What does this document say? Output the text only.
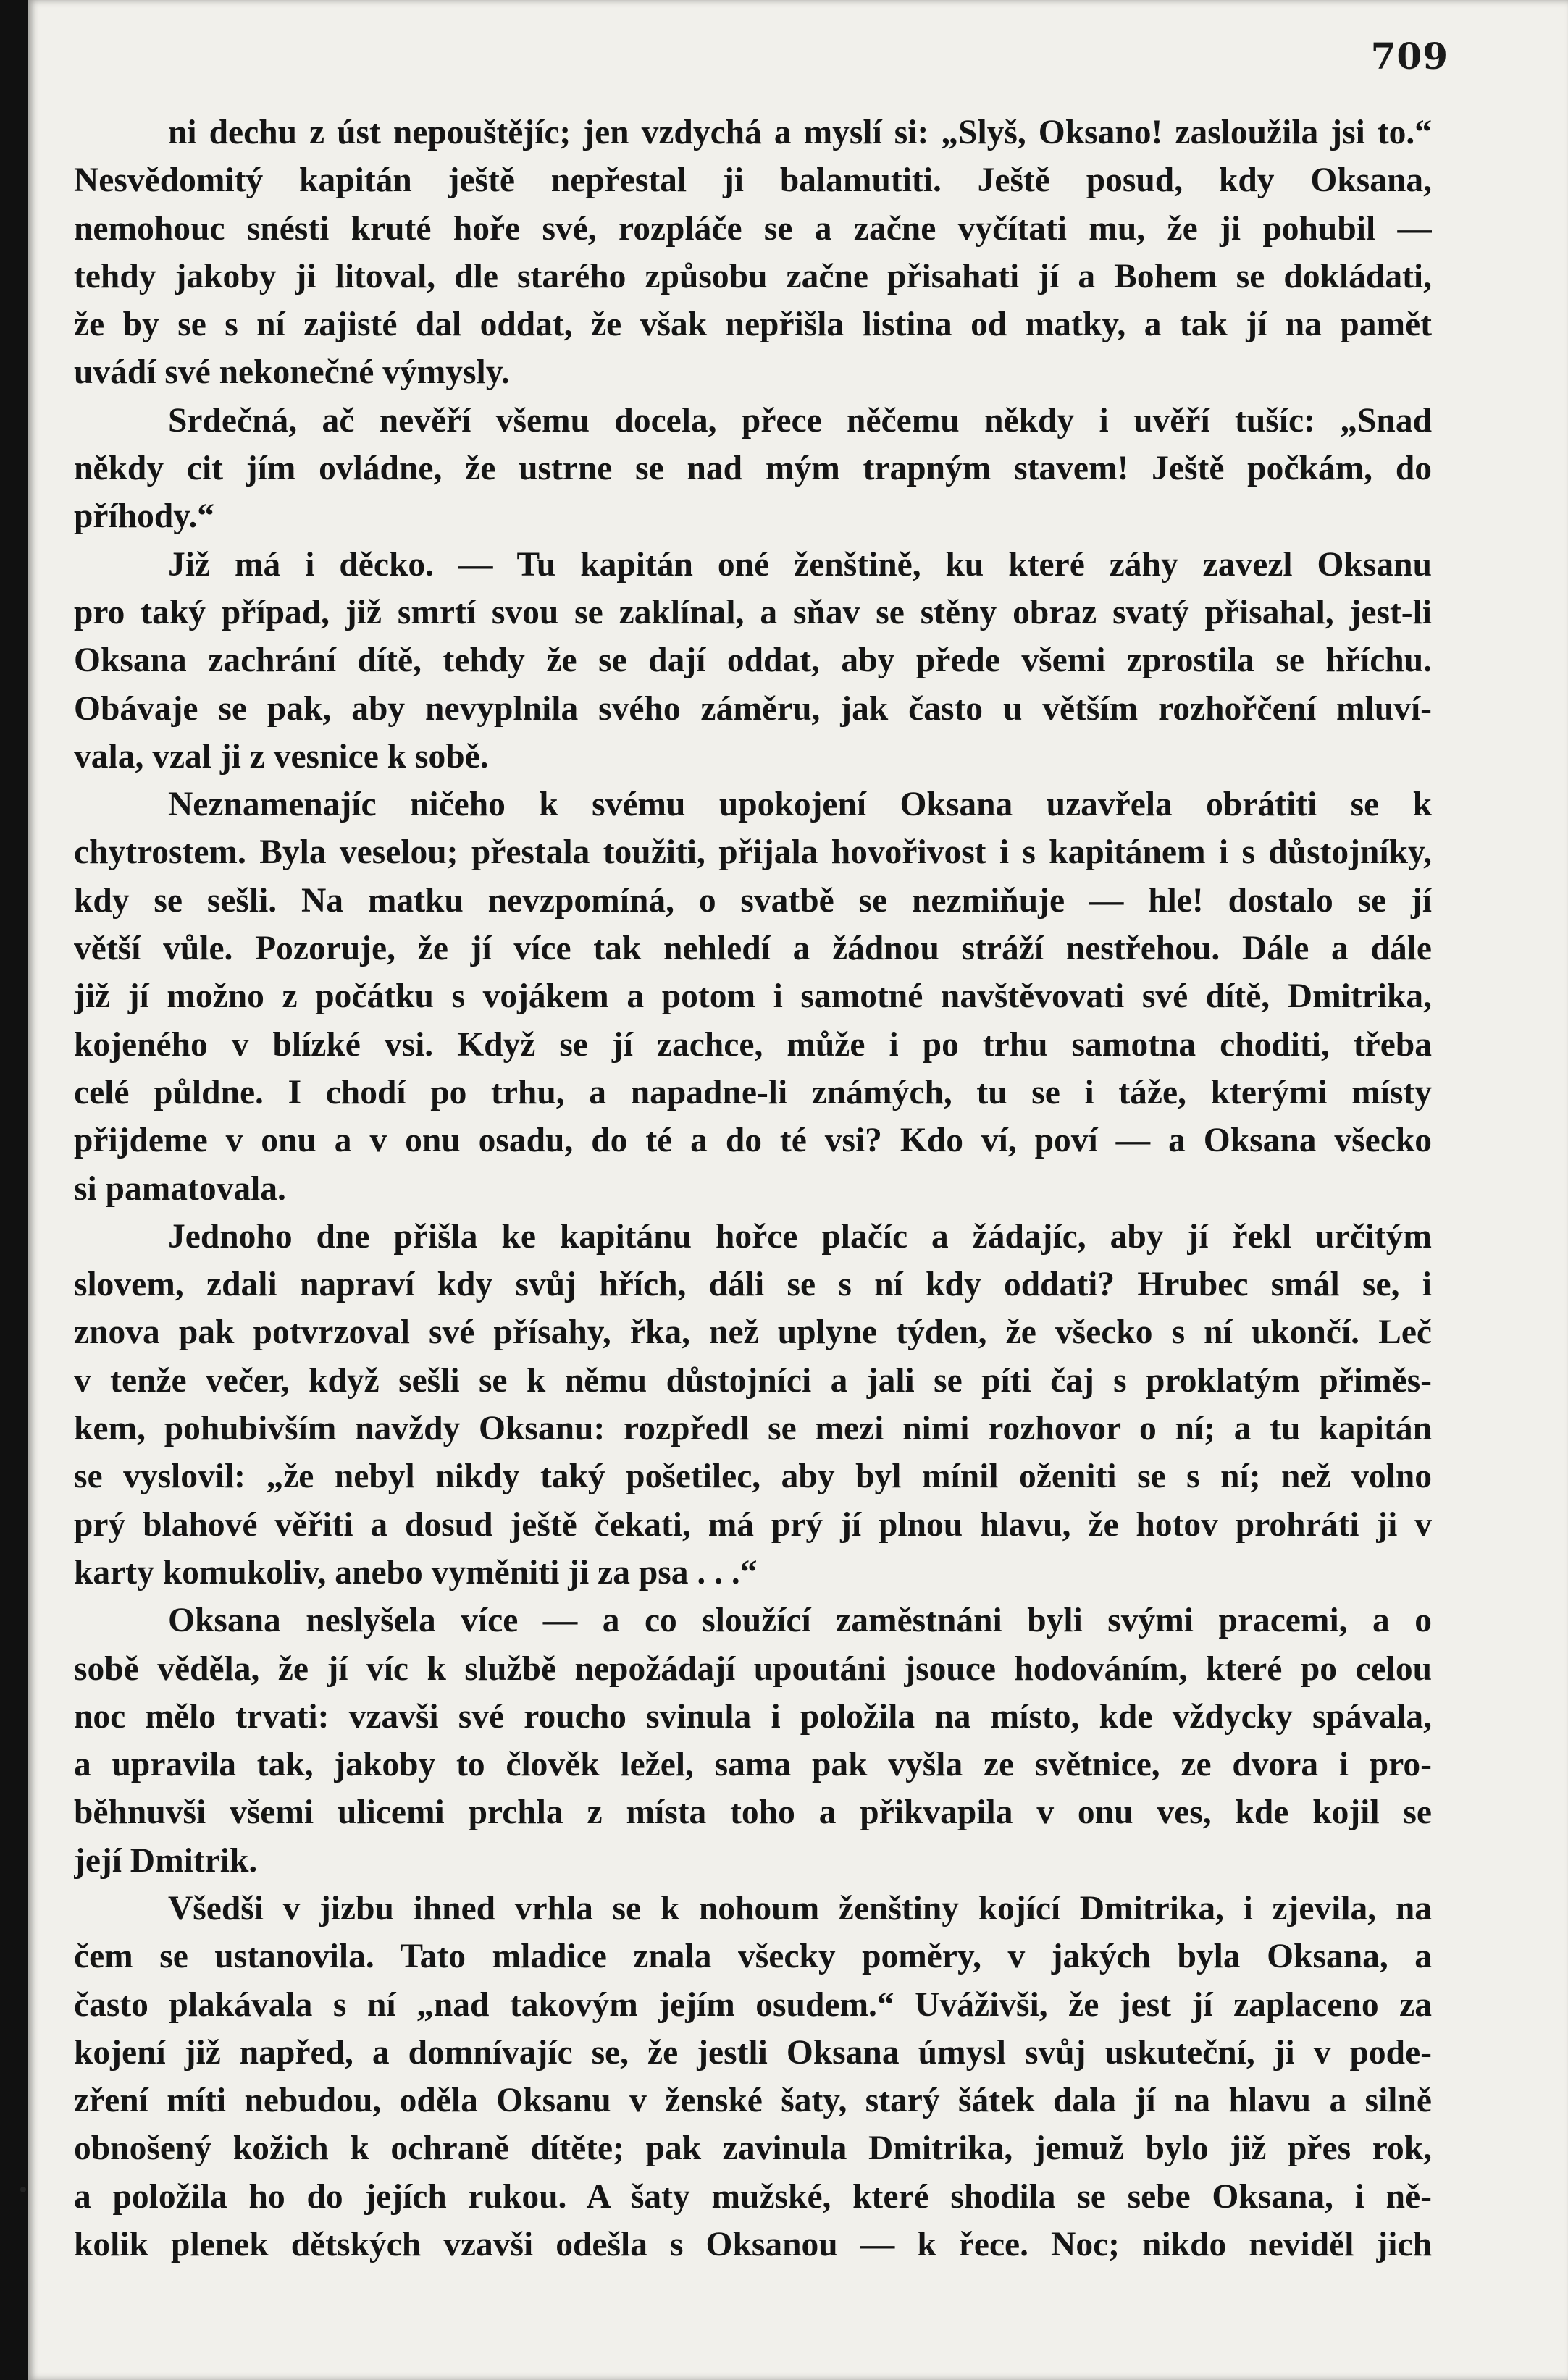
709
ni dechu z úst nepouštějíc; jen vzdychá a myslí si: „Slyš, Oksano! zasloužila jsi to.“
Nesvědomitý kapitán ještě nepřestal ji balamutiti. Ještě posud, kdy Oksana,
nemohouc snésti kruté hoře své, rozpláče se a začne vyčítati mu, že ji pohubil —
tehdy jakoby ji litoval, dle starého způsobu začne přisahati jí a Bohem se dokládati,
že by se s ní zajisté dal oddat, že však nepřišla listina od matky, a tak jí na pamět
uvádí své nekonečné výmysly.
Srdečná, ač nevěří všemu docela, přece něčemu někdy i uvěří tušíc: „Snad
někdy cit jím ovládne, že ustrne se nad mým trapným stavem! Ještě počkám, do
příhody.“
Již má i děcko. — Tu kapitán oné ženštině, ku které záhy zavezl Oksanu
pro taký případ, již smrtí svou se zaklínal, a sňav se stěny obraz svatý přisahal, jest-li
Oksana zachrání dítě, tehdy že se dají oddat, aby přede všemi zprostila se hříchu.
Obávaje se pak, aby nevyplnila svého záměru, jak často u větším rozhořčení mluví-
vala, vzal ji z vesnice k sobě.
Neznamenajíc ničeho k svému upokojení Oksana uzavřela obrátiti se k
chytrostem. Byla veselou; přestala toužiti, přijala hovořivost i s kapitánem i s důstojníky,
kdy se sešli. Na matku nevzpomíná, o svatbě se nezmiňuje — hle! dostalo se jí
větší vůle. Pozoruje, že jí více tak nehledí a žádnou stráží nestřehou. Dále a dále
již jí možno z počátku s vojákem a potom i samotné navštěvovati své dítě, Dmitrika,
kojeného v blízké vsi. Když se jí zachce, může i po trhu samotna choditi, třeba
celé půldne. I chodí po trhu, a napadne-li známých, tu se i táže, kterými místy
přijdeme v onu a v onu osadu, do té a do té vsi? Kdo ví, poví — a Oksana všecko
si pamatovala.
Jednoho dne přišla ke kapitánu hořce plačíc a žádajíc, aby jí řekl určitým
slovem, zdali napraví kdy svůj hřích, dáli se s ní kdy oddati? Hrubec smál se, i
znova pak potvrzoval své přísahy, řka, než uplyne týden, že všecko s ní ukončí. Leč
v tenže večer, když sešli se k němu důstojníci a jali se píti čaj s proklatým přiměs-
kem, pohubivším navždy Oksanu: rozpředl se mezi nimi rozhovor o ní; a tu kapitán
se vyslovil: „že nebyl nikdy taký pošetilec, aby byl mínil oženiti se s ní; než volno
prý blahové věřiti a dosud ještě čekati, má prý jí plnou hlavu, že hotov prohráti ji v
karty komukoliv, anebo vyměniti ji za psa . . .“
Oksana neslyšela více — a co sloužící zaměstnáni byli svými pracemi, a o
sobě věděla, že jí víc k službě nepožádají upoutáni jsouce hodováním, které po celou
noc mělo trvati: vzavši své roucho svinula i položila na místo, kde vždycky spávala,
a upravila tak, jakoby to člověk ležel, sama pak vyšla ze světnice, ze dvora i pro-
běhnuvši všemi ulicemi prchla z místa toho a přikvapila v onu ves, kde kojil se
její Dmitrik.
Všedši v jizbu ihned vrhla se k nohoum ženštiny kojící Dmitrika, i zjevila, na
čem se ustanovila. Tato mladice znala všecky poměry, v jakých byla Oksana, a
často plakávala s ní „nad takovým jejím osudem.“ Uváživši, že jest jí zaplaceno za
kojení již napřed, a domnívajíc se, že jestli Oksana úmysl svůj uskuteční, ji v pode-
zření míti nebudou, oděla Oksanu v ženské šaty, starý šátek dala jí na hlavu a silně
obnošený kožich k ochraně dítěte; pak zavinula Dmitrika, jemuž bylo již přes rok,
a položila ho do jejích rukou. A šaty mužské, které shodila se sebe Oksana, i ně-
kolik plenek dětských vzavši odešla s Oksanou — k řece. Noc; nikdo neviděl jich
